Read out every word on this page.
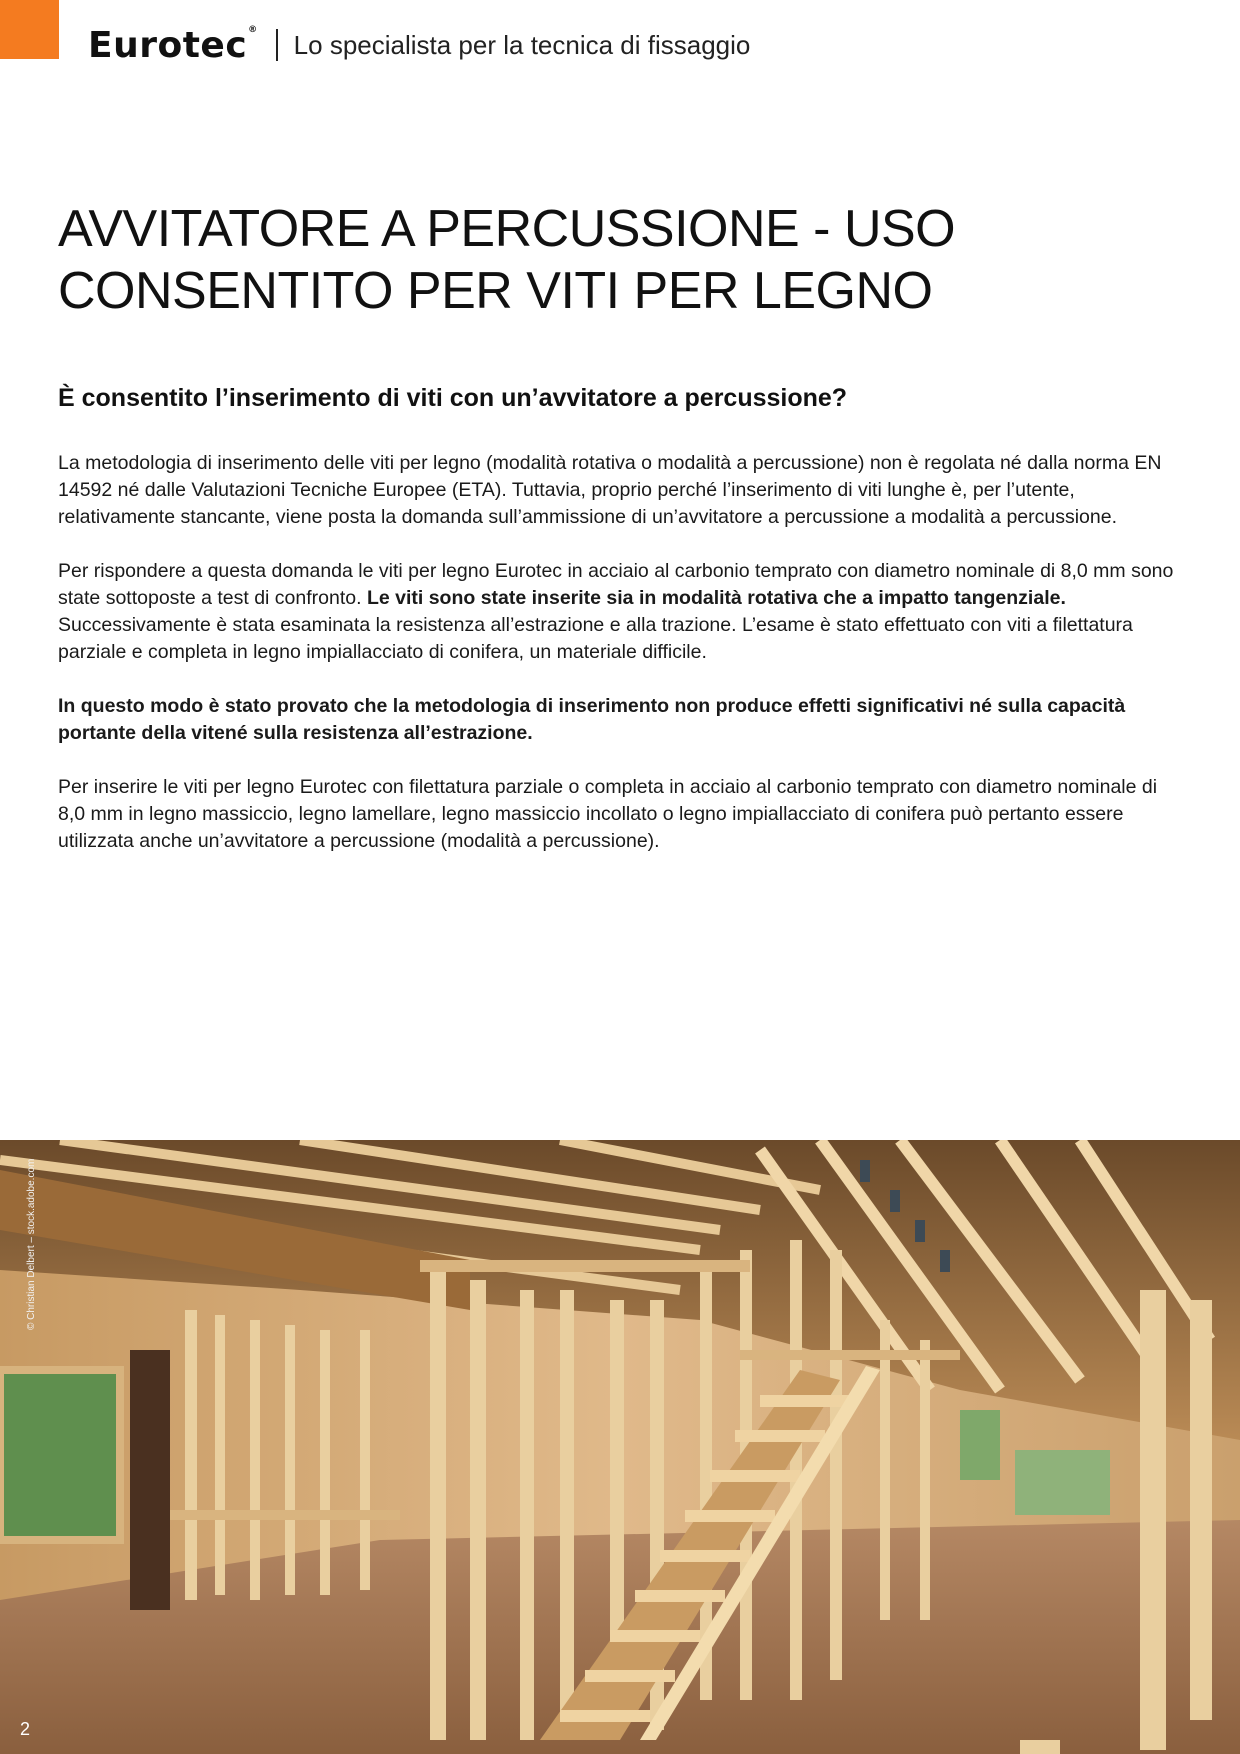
Eurotec® Lo specialista per la tecnica di fissaggio
AVVITATORE A PERCUSSIONE - USO CONSENTITO PER VITI PER LEGNO
È consentito l’inserimento di viti con un’avvitatore a percussione?

La metodologia di inserimento delle viti per legno (modalità rotativa o modalità a percussione) non è regolata né dalla norma EN 14592 né dalle Valutazioni Tecniche Europee (ETA). Tuttavia, proprio perché l’inserimento di viti lunghe è, per l’utente, relativamente stancante, viene posta la domanda sull’ammissione di un’avvitatore a percussione a modalità a percussione.

Per rispondere a questa domanda le viti per legno Eurotec in acciaio al carbonio temprato con diametro nominale di 8,0 mm sono state sottoposte a test di confronto. Le viti sono state inserite sia in modalità rotativa che a impatto tangenziale. Successivamente è stata esaminata la resistenza all’estrazione e alla trazione. L’esame è stato effettuato con viti a filettatura parziale e completa in legno impiallacciato di conifera, un materiale difficile.

In questo modo è stato provato che la metodologia di inserimento non produce effetti significativi né sulla capacità portante della vitené sulla resistenza all’estrazione.

Per inserire le viti per legno Eurotec con filettatura parziale o completa in acciaio al carbonio temprato con diametro nominale di 8,0 mm in legno massiccio, legno lamellare, legno massiccio incollato o legno impiallacciato di conifera può pertanto essere utilizzata anche un’avvitatore a percussione (modalità a percussione).

© Christian Delbert – stock.adobe.com
2
